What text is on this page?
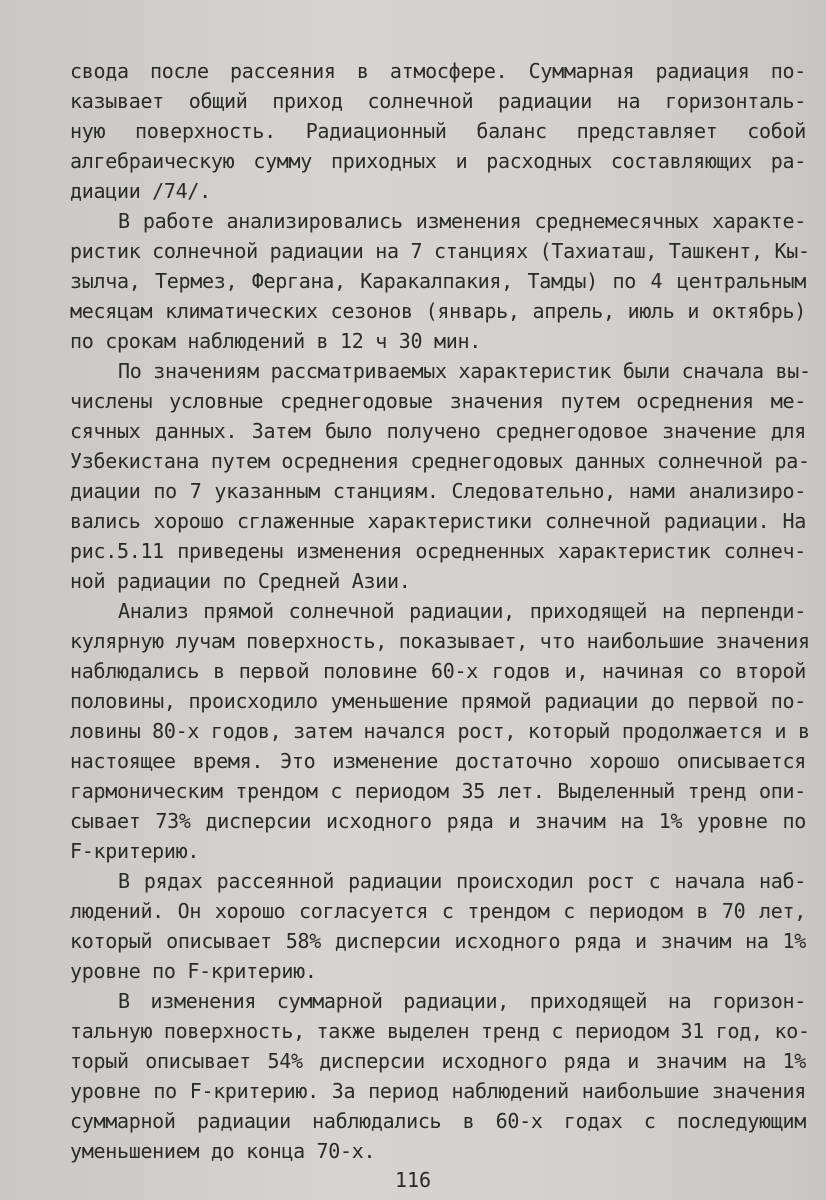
свода после рассеяния в атмосфере. Суммарная радиация по-
казывает общий приход солнечной радиации на горизонталь-
ную поверхность. Радиационный баланс представляет собой
алгебраическую сумму приходных и расходных составляющих ра-
диации /74/.
В работе анализировались изменения среднемесячных характе-
ристик солнечной радиации на 7 станциях (Тахиаташ, Ташкент, Кы-
зылча, Термез, Фергана, Каракалпакия, Тамды) по 4 центральным
месяцам климатических сезонов (январь, апрель, июль и октябрь)
по срокам наблюдений в 12 ч 30 мин.
По значениям рассматриваемых характеристик были сначала вы-
числены условные среднегодовые значения путем осреднения ме-
сячных данных. Затем было получено среднегодовое значение для
Узбекистана путем осреднения среднегодовых данных солнечной ра-
диации по 7 указанным станциям. Следовательно, нами анализиро-
вались хорошо сглаженные характеристики солнечной радиации. На
рис.5.11 приведены изменения осредненных характеристик солнеч-
ной радиации по Средней Азии.
Анализ прямой солнечной радиации, приходящей на перпенди-
кулярную лучам поверхность, показывает, что наибольшие значения
наблюдались в первой половине 60-х годов и, начиная со второй
половины, происходило уменьшение прямой радиации до первой по-
ловины 80-х годов, затем начался рост, который продолжается и в
настоящее время. Это изменение достаточно хорошо описывается
гармоническим трендом с периодом 35 лет. Выделенный тренд опи-
сывает 73% дисперсии исходного ряда и значим на 1% уровне по
F-критерию.
В рядах рассеянной радиации происходил рост с начала наб-
людений. Он хорошо согласуется с трендом с периодом в 70 лет,
который описывает 58% дисперсии исходного ряда и значим на 1%
уровне по F-критерию.
В изменения суммарной радиации, приходящей на горизон-
тальную поверхность, также выделен тренд с периодом 31 год, ко-
торый описывает 54% дисперсии исходного ряда и значим на 1%
уровне по F-критерию. За период наблюдений наибольшие значения
суммарной радиации наблюдались в 60-х годах с последующим
уменьшением до конца 70-х.
116
